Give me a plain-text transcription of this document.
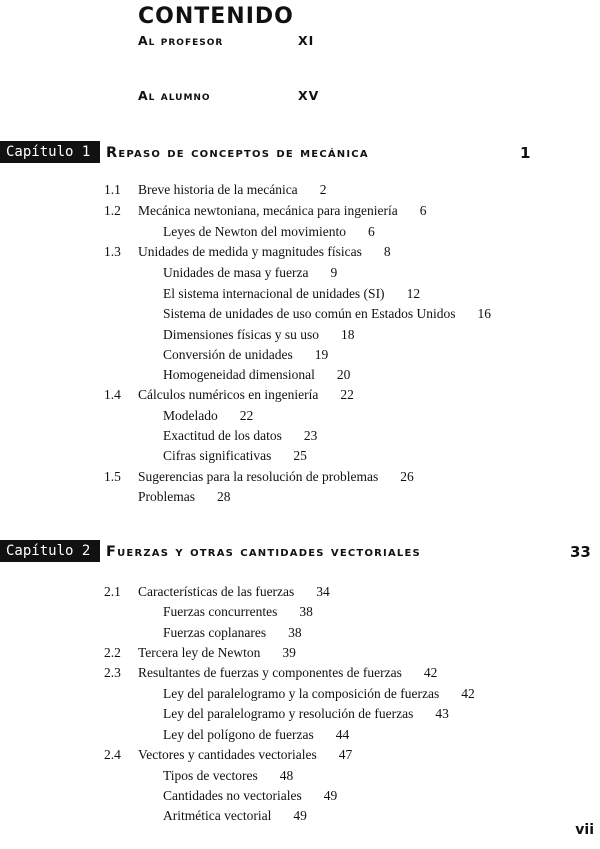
CONTENIDO
Al profesor	XI
Al alumno	XV
Capítulo 1	Repaso de conceptos de mecánica	1
1.1 Breve historia de la mecánica 2
1.2 Mecánica newtoniana, mecánica para ingeniería 6
Leyes de Newton del movimiento 6
1.3 Unidades de medida y magnitudes físicas 8
Unidades de masa y fuerza 9
El sistema internacional de unidades (SI) 12
Sistema de unidades de uso común en Estados Unidos 16
Dimensiones físicas y su uso 18
Conversión de unidades 19
Homogeneidad dimensional 20
1.4 Cálculos numéricos en ingeniería 22
Modelado 22
Exactitud de los datos 23
Cifras significativas 25
1.5 Sugerencias para la resolución de problemas 26
Problemas 28
Capítulo 2	Fuerzas y otras cantidades vectoriales	33
2.1 Características de las fuerzas 34
Fuerzas concurrentes 38
Fuerzas coplanares 38
2.2 Tercera ley de Newton 39
2.3 Resultantes de fuerzas y componentes de fuerzas 42
Ley del paralelogramo y la composición de fuerzas 42
Ley del paralelogramo y resolución de fuerzas 43
Ley del polígono de fuerzas 44
2.4 Vectores y cantidades vectoriales 47
Tipos de vectores 48
Cantidades no vectoriales 49
Aritmética vectorial 49
vii
